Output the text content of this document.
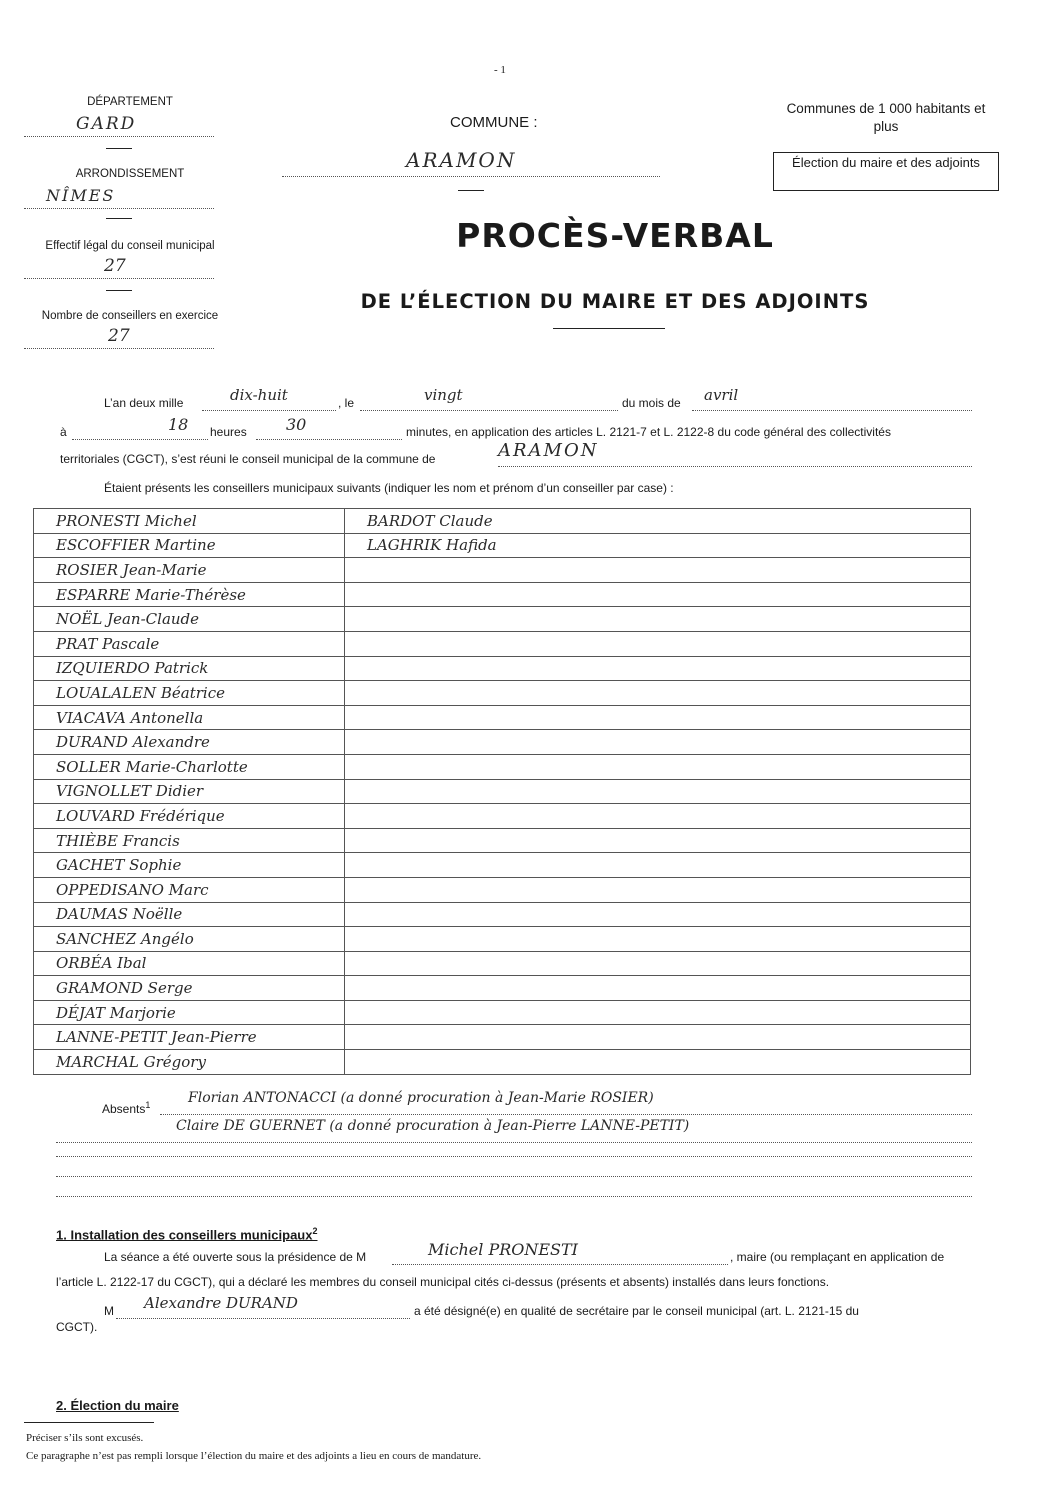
- 1
DÉPARTEMENT
GARD
ARRONDISSEMENT
NÎMES
Effectif légal du conseil municipal
27
Nombre de conseillers en exercice
27
COMMUNE :
ARAMON
Communes de 1 000 habitants et plus
Élection du maire et des adjoints
PROCÈS-VERBAL
DE L’ÉLECTION DU MAIRE ET DES ADJOINTS
L’an deux mille	dix-huit	, le	vingt	du mois de avril
à	18 heures 30	minutes, en application des articles L. 2121-7 et L. 2122-8 du code général des collectivités
territoriales (CGCT), s’est réuni le conseil municipal de la commune de	ARAMON
Étaient présents les conseillers municipaux suivants (indiquer les nom et prénom d’un conseiller par case) :
PRONESTI Michel	BARDOT Claude
ESCOFFIER Martine	LAGHRIK Hafida
ROSIER Jean-Marie	
ESPARRE Marie-Thérèse	
NOËL Jean-Claude	
PRAT Pascale	
IZQUIERDO Patrick	
LOUALALEN Béatrice	
VIACAVA Antonella	
DURAND Alexandre	
SOLLER Marie-Charlotte	
VIGNOLLET Didier	
LOUVARD Frédérique	
THIÈBE Francis	
GACHET Sophie	
OPPEDISANO Marc	
DAUMAS Noëlle	
SANCHEZ Angélo	
ORBÉA Ibal	
GRAMOND Serge	
DÉJAT Marjorie	
LANNE-PETIT Jean-Pierre	
MARCHAL Grégory	
Absents$^1$	Florian ANTONACCI (a donné procuration à Jean-Marie ROSIER)
Claire DE GUERNET (a donné procuration à Jean-Pierre LANNE-PETIT)
1. Installation des conseillers municipaux$^2$
La séance a été ouverte sous la présidence de M	Michel PRONESTI	, maire (ou remplaçant en application de
l’article L. 2122-17 du CGCT), qui a déclaré les membres du conseil municipal cités ci-dessus (présents et absents) installés dans leurs fonctions.
M Alexandre DURAND	a été désigné(e) en qualité de secrétaire par le conseil municipal (art. L. 2121-15 du
CGCT).
2. Élection du maire
Préciser s’ils sont excusés.
Ce paragraphe n’est pas rempli lorsque l’élection du maire et des adjoints a lieu en cours de mandature.
